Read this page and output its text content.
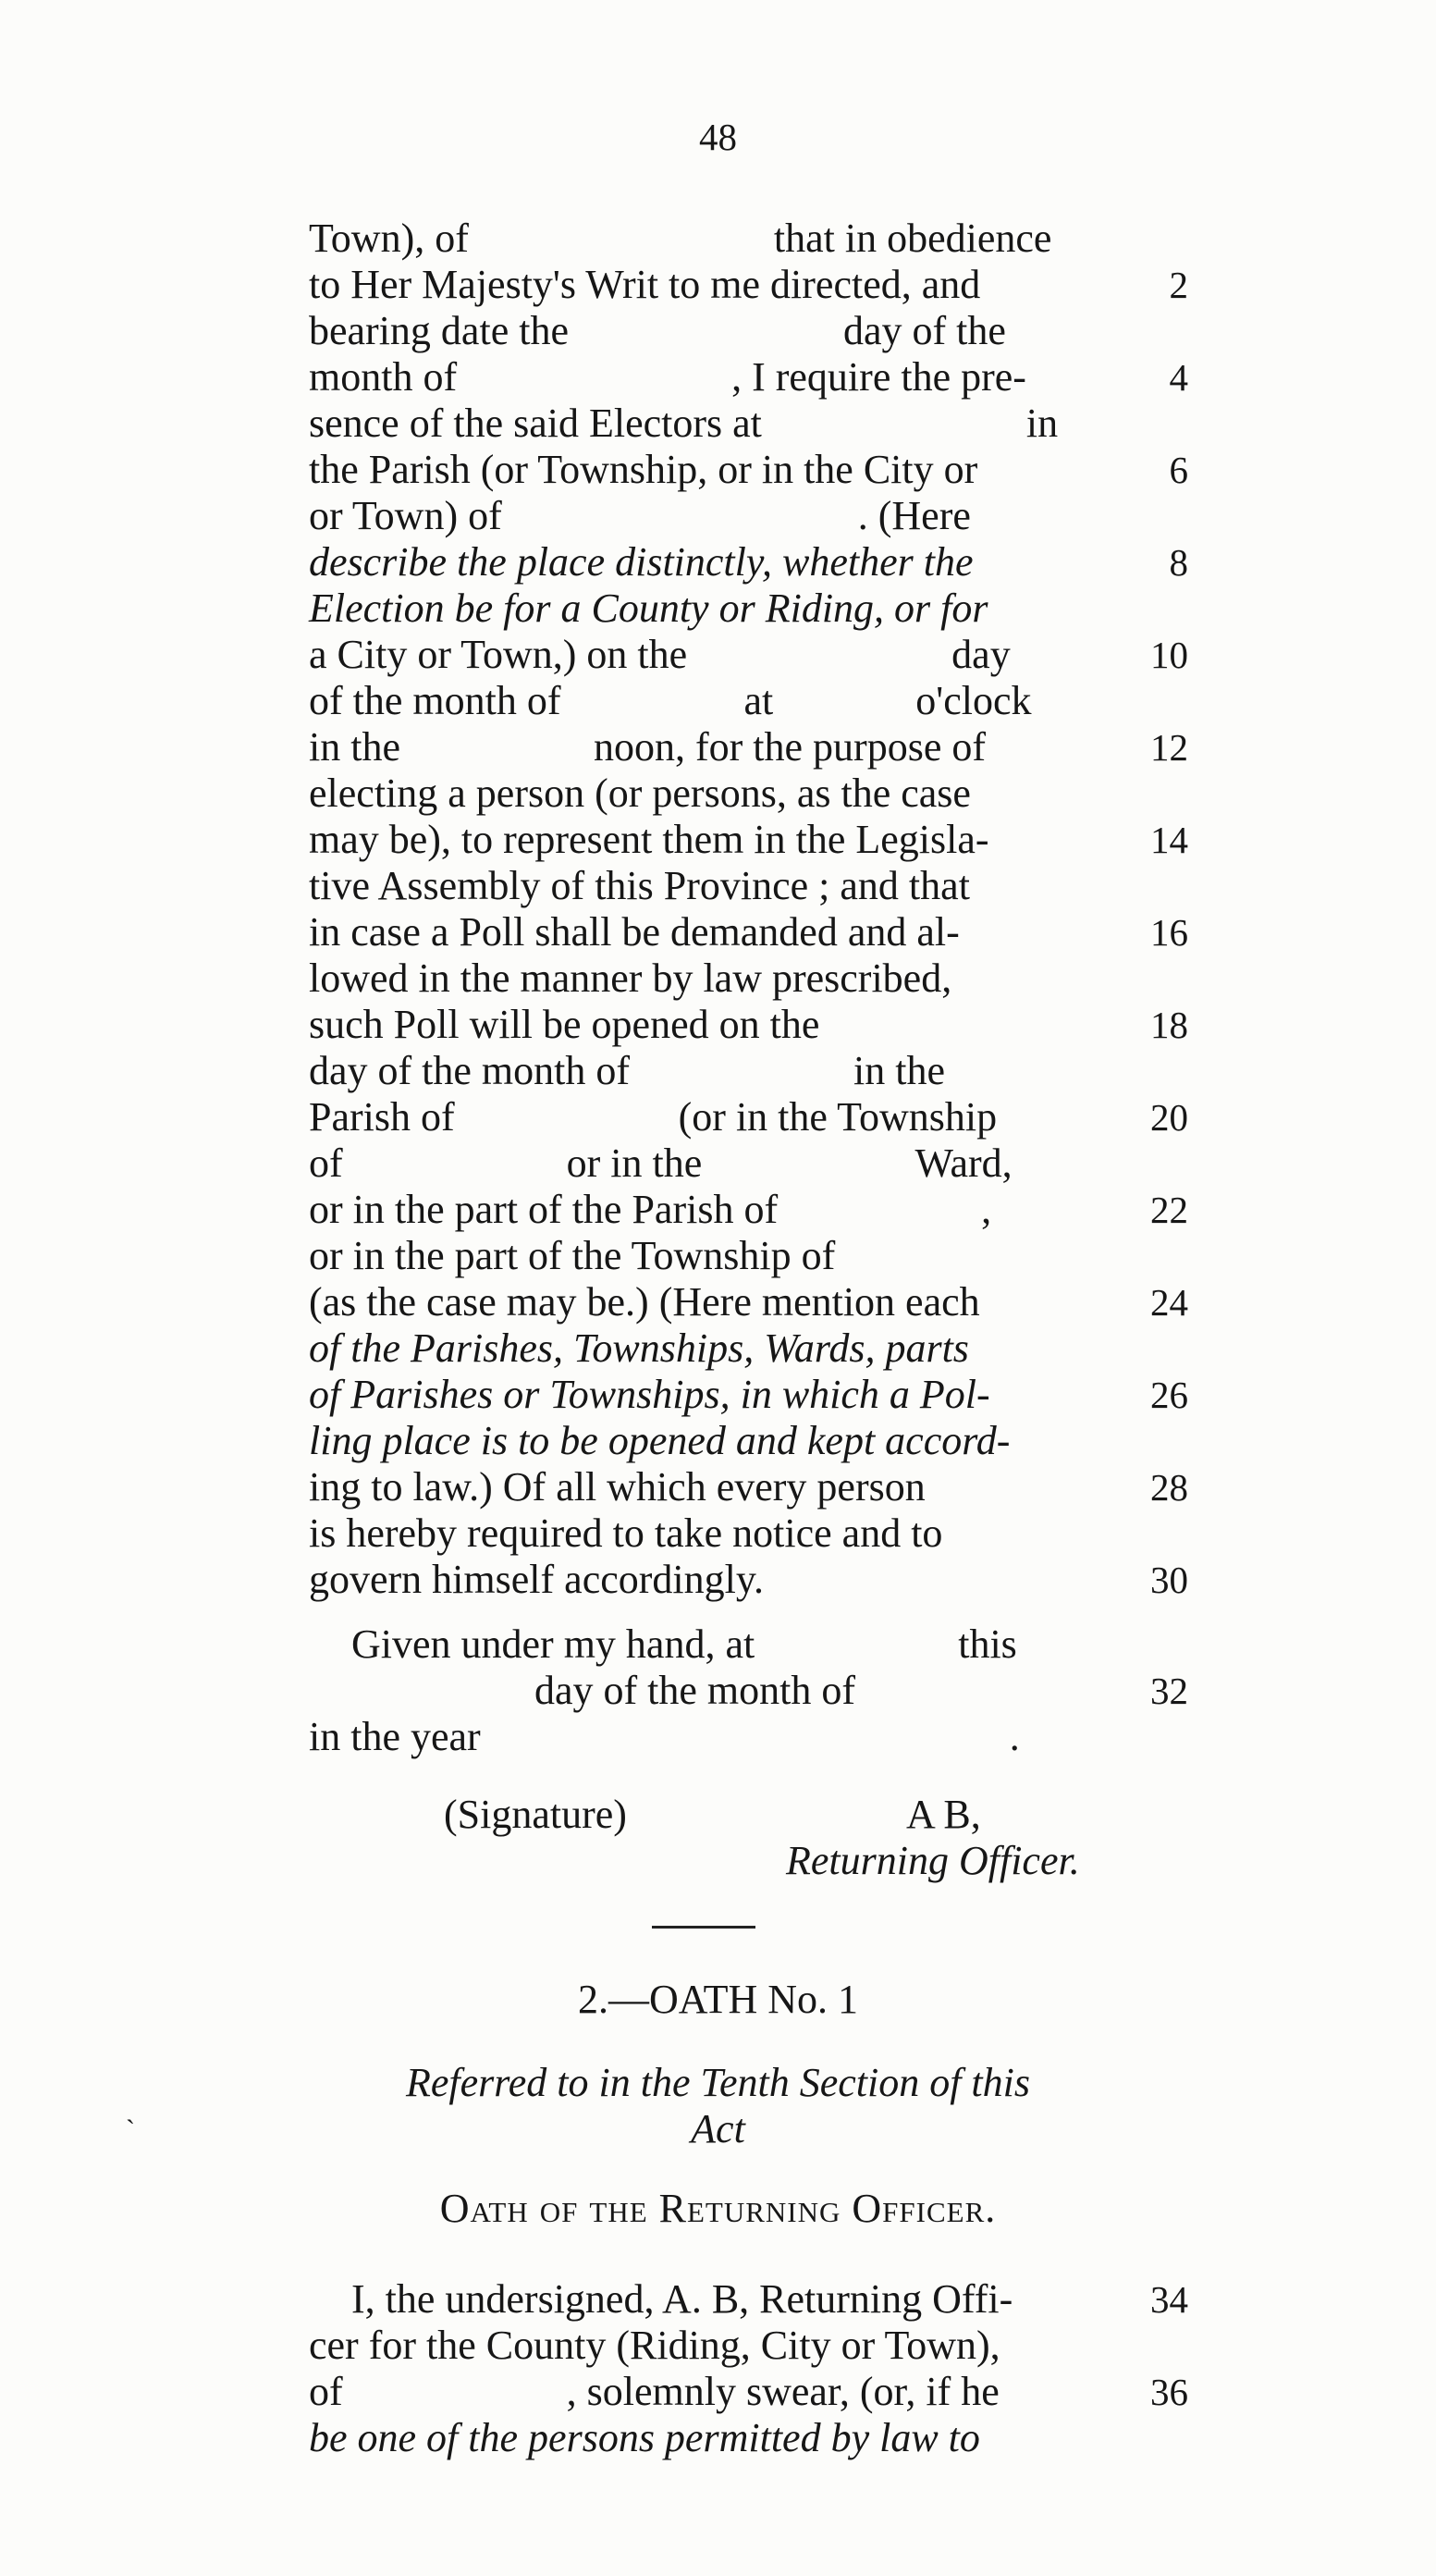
48
Town), of                              that in obedience
to Her Majesty's Writ to me directed, and	2
bearing date the                           day of the
month of                           , I require the pre-	4
sence of the said Electors at                          in
the Parish (or Township, or in the City or	6
or Town) of                                   . (Here
describe the place distinctly, whether the	8
Election be for a County or Riding, or for
a City or Town,) on the                          day	10
of the month of                  at              o'clock
in the                   noon, for the purpose of	12
electing a person (or persons, as the case
may be), to represent them in the Legisla-	14
tive Assembly of this Province ; and that
in case a Poll shall be demanded and al-	16
lowed in the manner by law prescribed,
such Poll will be opened on the	18
day of the month of                      in the
Parish of                      (or in the Township	20
of                      or in the                     Ward,
or in the part of the Parish of                    ,	22
or in the part of the Township of
(as the case may be.) (Here mention each	24
of the Parishes, Townships, Wards, parts
of Parishes or Townships, in which a Pol-	26
ling place is to be opened and kept accord-
ing to law.) Of all which every person	28
is hereby required to take notice and to
govern himself accordingly.	30
Given under my hand, at                    this
day of the month of	32
in the year                                                    .
(Signature)	A B,
Returning Officer.
2.—OATH No. 1
Referred to in the Tenth Section of this
Act
Oath of the Returning Officer.
I, the undersigned, A. B, Returning Offi-	34
cer for the County (Riding, City or Town),
of                      , solemnly swear, (or, if he	36
be one of the persons permitted by law to
`
